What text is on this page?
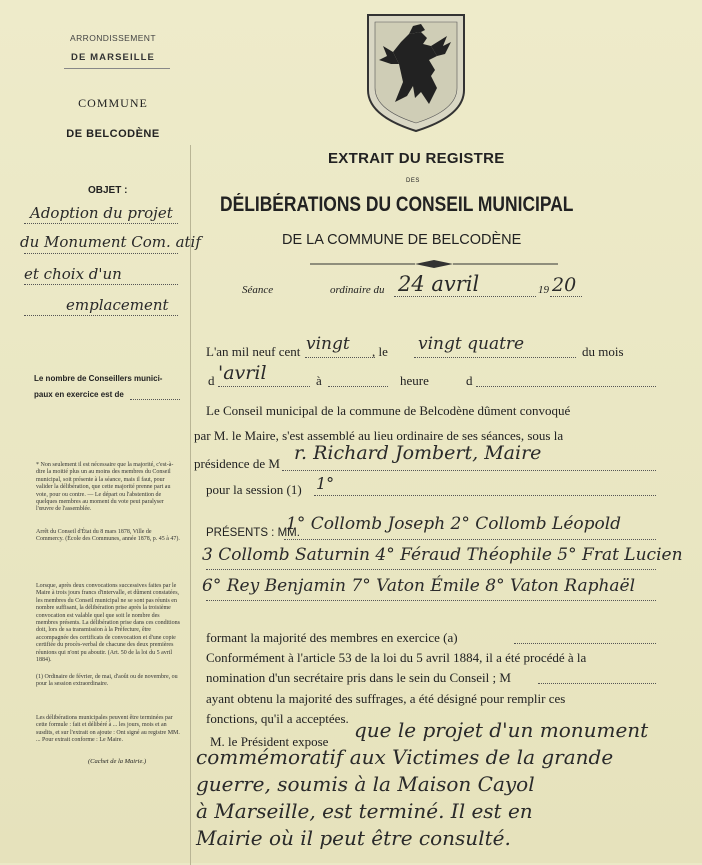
ARRONDISSEMENT
DE MARSEILLE
COMMUNE
DE BELCODÈNE
EXTRAIT DU REGISTRE
DES
DÉLIBÉRATIONS DU CONSEIL MUNICIPAL
DE LA COMMUNE DE BELCODÈNE
Séance	ordinaire du 24 avril	19 20
OBJET :
Adoption du projet
du Monument Com. atif
et choix d'un
emplacement
Le nombre de Conseillers munici-
paux en exercice est de
* Non seulement il est nécessaire que la majorité, c'est-à-dire la moitié plus un au moins des membres du Conseil municipal, soit présente à la séance, mais il faut, pour valider la délibération, que cette majorité prenne part au vote, pour ou contre. — Le départ ou l'abstention de quelques membres au moment du vote peut paralyser l'œuvre de l'assemblée.
Arrêt du Conseil d'État du 8 mars 1878, Ville de Commercy. (École des Communes, année 1878, p. 45 à 47).
Lorsque, après deux convocations successives faites par le Maire à trois jours francs d'intervalle, et dûment constatées, les membres du Conseil municipal ne se sont pas réunis en nombre suffisant, la délibération prise après la troisième convocation est valable quel que soit le nombre des membres présents. La délibération prise dans ces conditions doit, lors de sa transmission à la Préfecture, être accompagnée des certificats de convocation et d'une copie certifiée du procès-verbal de chacune des deux premières réunions qui n'ont pu aboutir. (Art. 50 de la loi du 5 avril 1884).
(1) Ordinaire de février, de mai, d'août ou de novembre, ou pour la session extraordinaire.
Les délibérations municipales peuvent être terminées par cette formule : fait et délibéré à ... les jours, mois et an susdits, et sur l'extrait on ajoute : Ont signé au registre MM. ... Pour extrait conforme : Le Maire.
(Cachet de la Mairie.)
L'an mil neuf cent vingt , le vingt quatre	du mois
d 'avril	à	heure	d
Le Conseil municipal de la commune de Belcodène dûment convoqué
par M. le Maire, s'est assemblé au lieu ordinaire de ses séances, sous la
présidence de M r. Richard Jombert, Maire
pour la session (1) 1°
PRÉSENTS : MM.
1° Collomb Joseph 2° Collomb Léopold
3 Collomb Saturnin 4° Féraud Théophile 5° Frat Lucien
6° Rey Benjamin 7° Vaton Émile 8° Vaton Raphaël
formant la majorité des membres en exercice (a)
Conformément à l'article 53 de la loi du 5 avril 1884, il a été procédé à la
nomination d'un secrétaire pris dans le sein du Conseil ; M
ayant obtenu la majorité des suffrages, a été désigné pour remplir ces
fonctions, qu'il a acceptées.
M. le Président expose que le projet d'un monument
commémoratif aux Victimes de la grande
guerre, soumis à la Maison Cayol
à Marseille, est terminé. Il est en
Mairie où il peut être consulté.
